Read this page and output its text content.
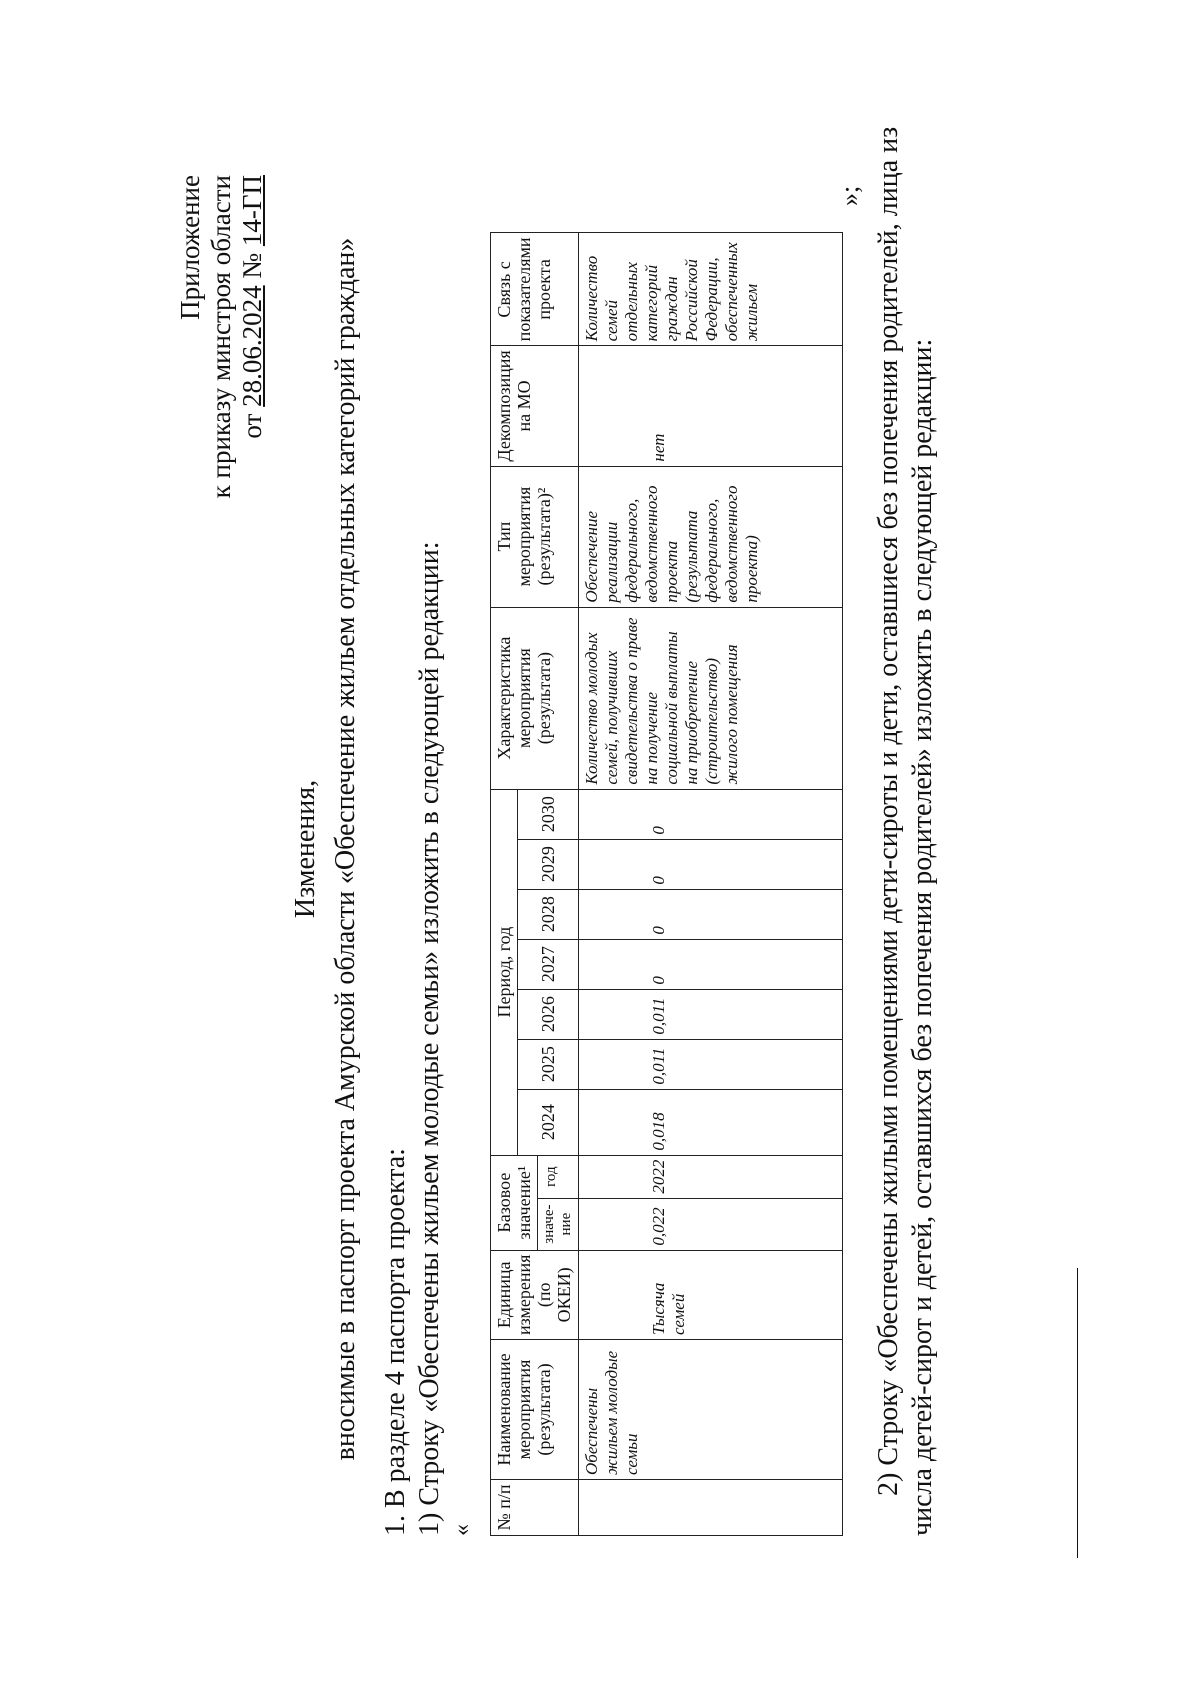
Приложение к приказу минстроя области от 28.06.2024 № 14-ГП
Изменения, вносимые в паспорт проекта Амурской области «Обеспечение жильем отдельных категорий граждан» 1. В разделе 4 паспорта проекта: 1) Строку «Обеспечены жильем молодые семьи» изложить в следующей редакции: « № п/п	Наименование мероприятия (результата)	Единица измерения (по ОКЕИ)	Базовое значение¹		Период, год							Характеристика мероприятия (результата)	Тип мероприятия (результата)²	Декомпозиция на МО	Связь с показателями проекта
					2024	2025	2026	2027	2028	2029	2030				
			значе-ние	год											
	Обеспечены жильем молодые семьи	Тысяча семей	0,022	2022	0,018	0,011	0,011	0	0	0	0	Количество молодых семей, получивших свидетельства о праве на получение социальной выплаты на приобретение (строительство) жилого помещения	Обеспечение реализации федерального, ведомственного проекта (результата федерального, ведомственного проекта)	нет	Количество семей отдельных категорий граждан Российской Федерации, обеспеченных жильем
»; 2) Строку «Обеспечены жилыми помещениями дети-сироты и дети, оставшиеся без попечения родителей, лица из числа детей-сирот и детей, оставшихся без попечения родителей» изложить в следующей редакции:
